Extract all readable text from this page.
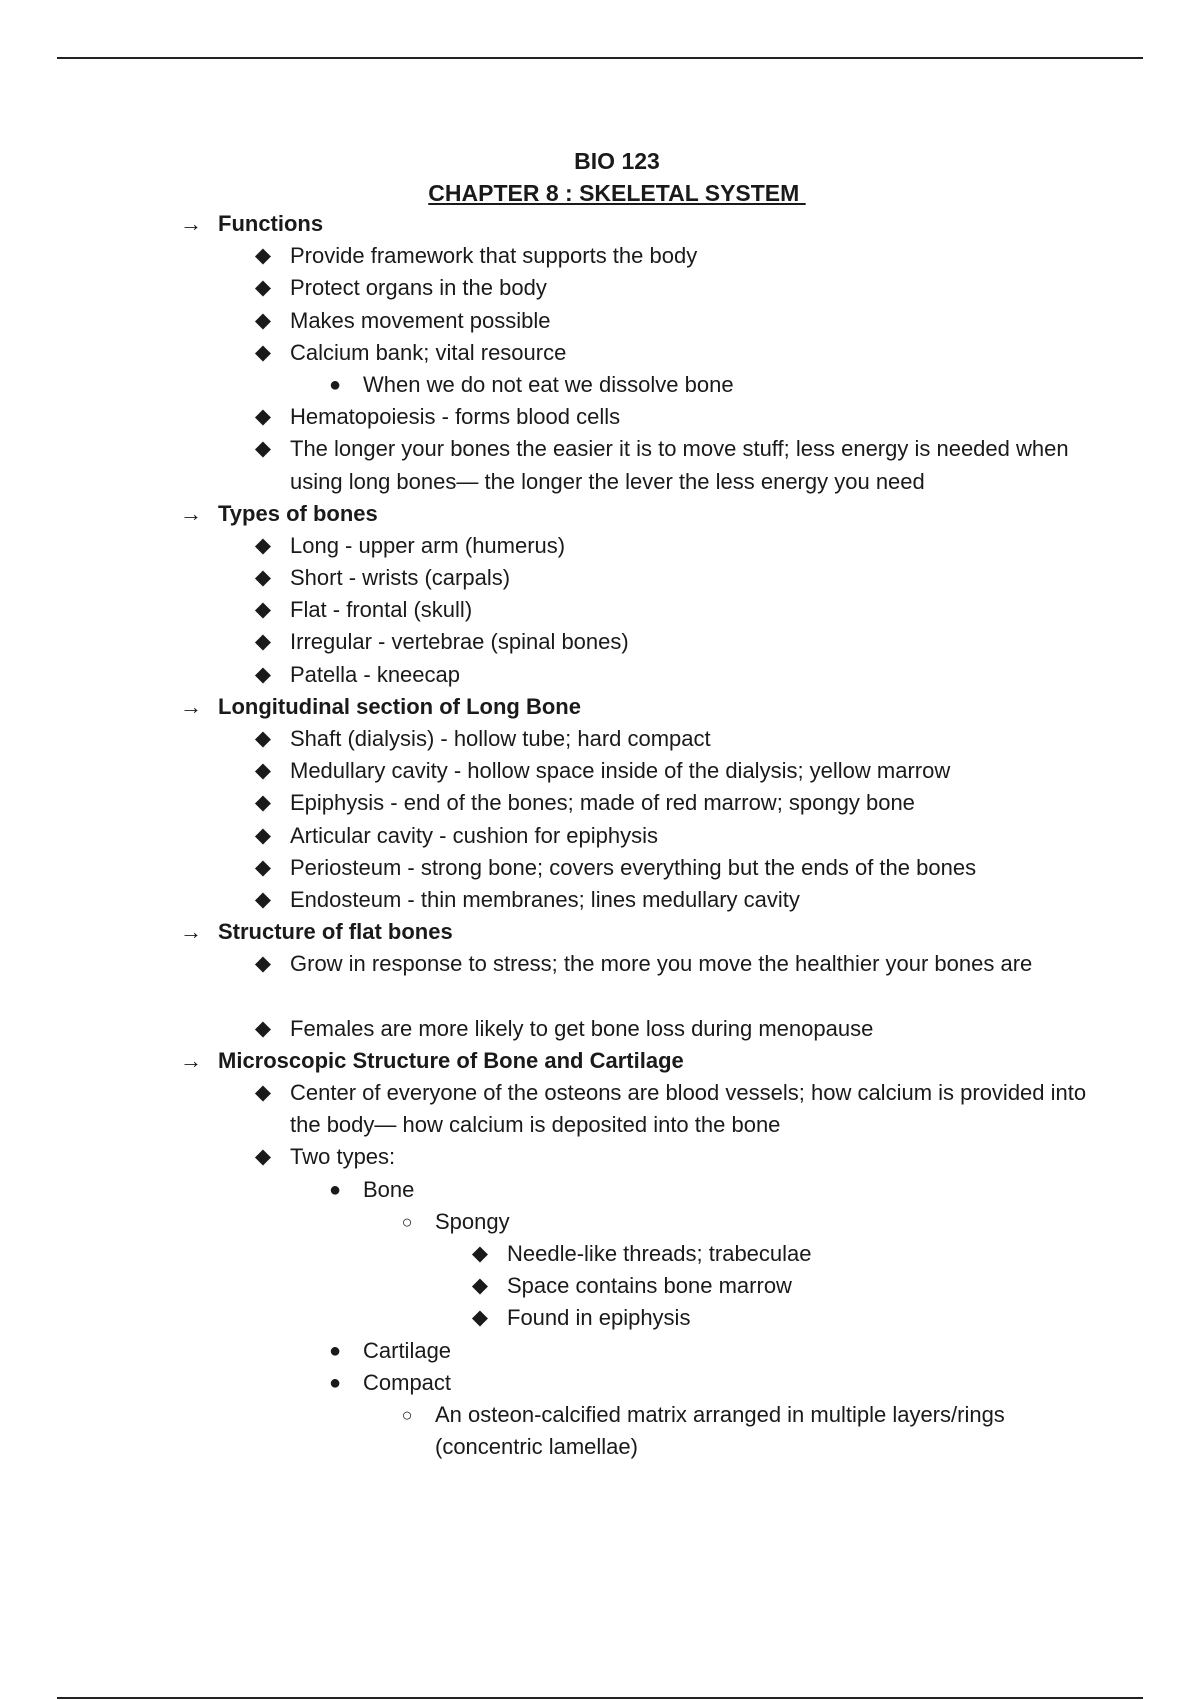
BIO 123
CHAPTER 8 : SKELETAL SYSTEM
→ Functions
◆ Provide framework that supports the body
◆ Protect organs in the body
◆ Makes movement possible
◆ Calcium bank; vital resource
● When we do not eat we dissolve bone
◆ Hematopoiesis - forms blood cells
◆ The longer your bones the easier it is to move stuff; less energy is needed when using long bones— the longer the lever the less energy you need
→ Types of bones
◆ Long - upper arm (humerus)
◆ Short - wrists (carpals)
◆ Flat - frontal (skull)
◆ Irregular - vertebrae (spinal bones)
◆ Patella - kneecap
→ Longitudinal section of Long Bone
◆ Shaft (dialysis) - hollow tube; hard compact
◆ Medullary cavity - hollow space inside of the dialysis; yellow marrow
◆ Epiphysis - end of the bones; made of red marrow; spongy bone
◆ Articular cavity - cushion for epiphysis
◆ Periosteum - strong bone; covers everything but the ends of the bones
◆ Endosteum - thin membranes; lines medullary cavity
→ Structure of flat bones
◆ Grow in response to stress; the more you move the healthier your bones are
◆ Females are more likely to get bone loss during menopause
→ Microscopic Structure of Bone and Cartilage
◆ Center of everyone of the osteons are blood vessels; how calcium is provided into the body— how calcium is deposited into the bone
◆ Two types:
● Bone
○	Spongy
◆ Needle-like threads; trabeculae
◆ Space contains bone marrow
◆ Found in epiphysis
● Cartilage
● Compact
○	An osteon-calcified matrix arranged in multiple layers/rings (concentric lamellae)
